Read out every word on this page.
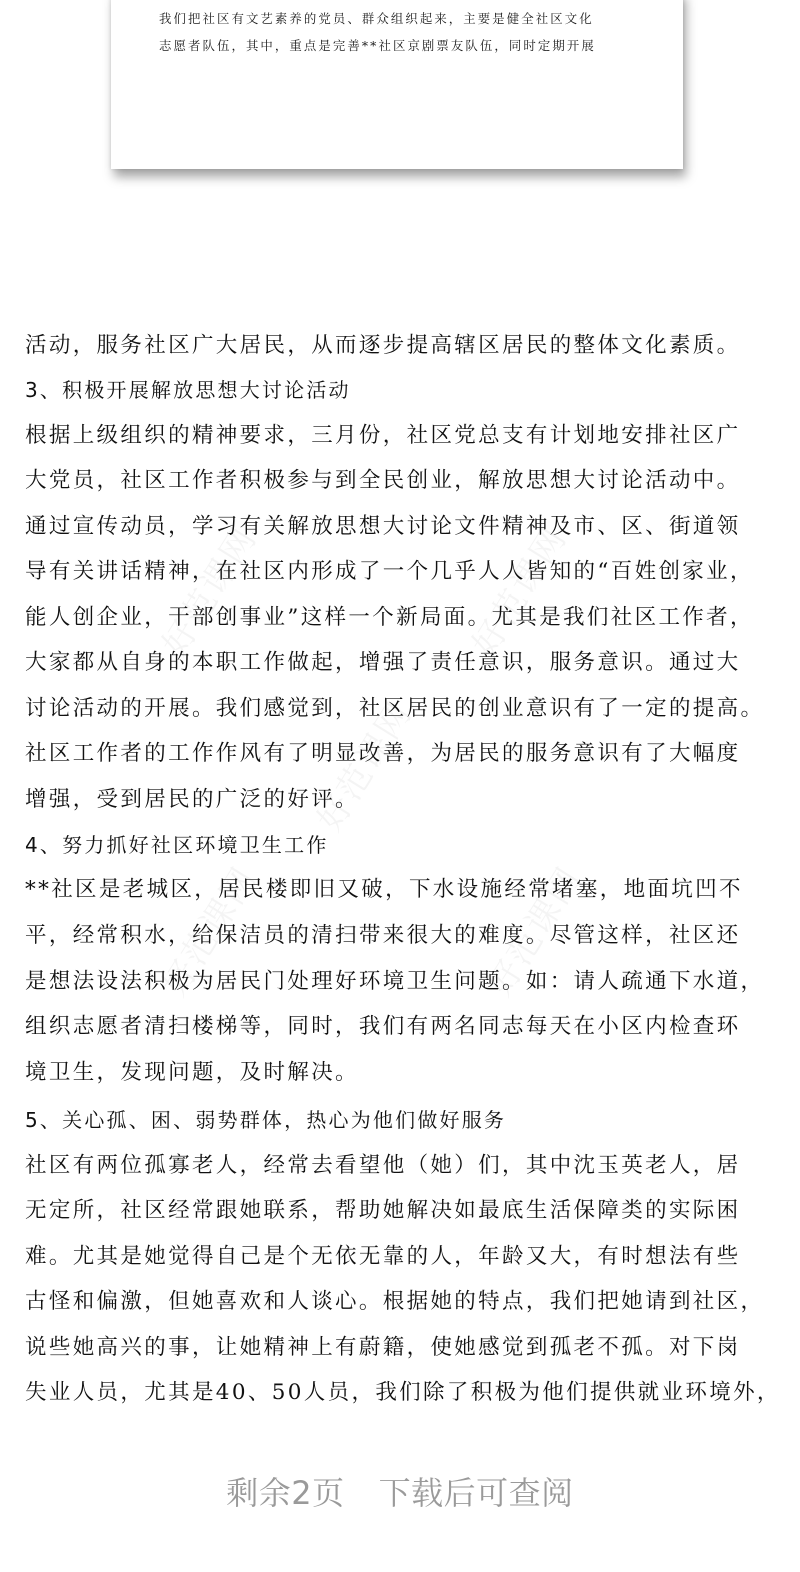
我们把社区有文艺素养的党员、群众组织起来，主要是健全社区文化
志愿者队伍，其中，重点是完善**社区京剧票友队伍，同时定期开展
活动，服务社区广大居民，从而逐步提高辖区居民的整体文化素质。
3、积极开展解放思想大讨论活动
根据上级组织的精神要求，三月份，社区党总支有计划地安排社区广
大党员，社区工作者积极参与到全民创业，解放思想大讨论活动中。
通过宣传动员，学习有关解放思想大讨论文件精神及市、区、街道领
导有关讲话精神，在社区内形成了一个几乎人人皆知的“百姓创家业，
能人创企业，干部创事业”这样一个新局面。尤其是我们社区工作者，
大家都从自身的本职工作做起，增强了责任意识，服务意识。通过大
讨论活动的开展。我们感觉到，社区居民的创业意识有了一定的提高。
社区工作者的工作作风有了明显改善，为居民的服务意识有了大幅度
增强，受到居民的广泛的好评。
4、努力抓好社区环境卫生工作
**社区是老城区，居民楼即旧又破，下水设施经常堵塞，地面坑凹不
平，经常积水，给保洁员的清扫带来很大的难度。尽管这样，社区还
是想法设法积极为居民门处理好环境卫生问题。如：请人疏通下水道，
组织志愿者清扫楼梯等，同时，我们有两名同志每天在小区内检查环
境卫生，发现问题，及时解决。
5、关心孤、困、弱势群体，热心为他们做好服务
社区有两位孤寡老人，经常去看望他（她）们，其中沈玉英老人，居
无定所，社区经常跟她联系，帮助她解决如最底生活保障类的实际困
难。尤其是她觉得自己是个无依无靠的人，年龄又大，有时想法有些
古怪和偏激，但她喜欢和人谈心。根据她的特点，我们把她请到社区，
说些她高兴的事，让她精神上有蔚籍，使她感觉到孤老不孤。对下岗
失业人员，尤其是40、50人员，我们除了积极为他们提供就业环境外，
剩余2页 下载后可查阅
